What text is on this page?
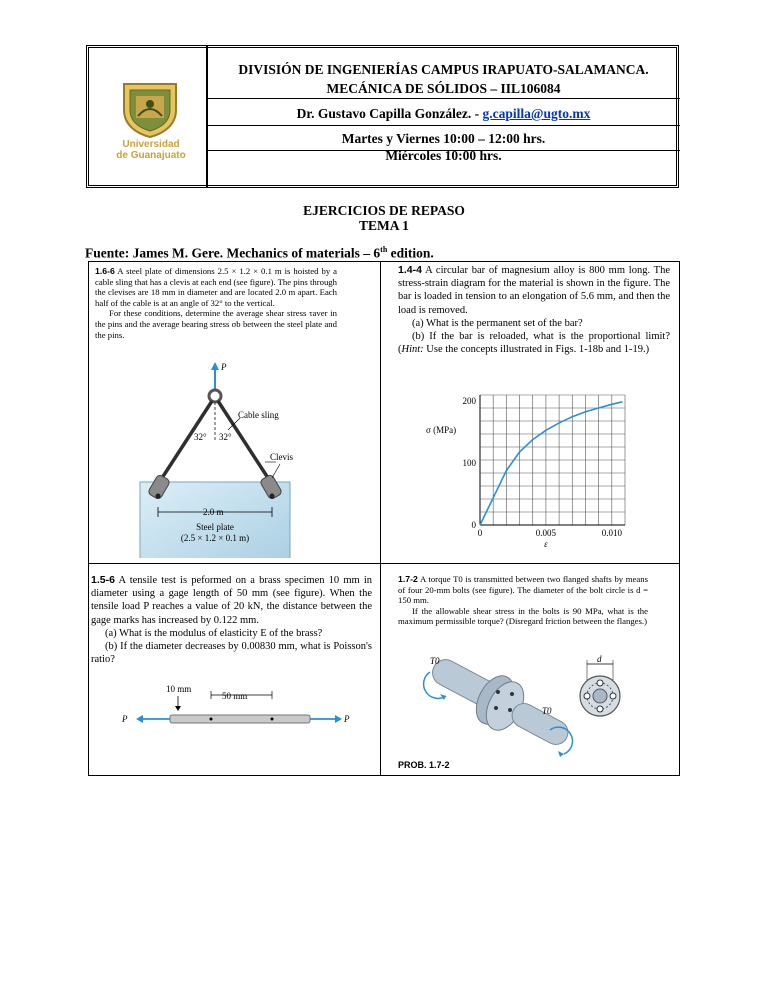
DIVISIÓN DE INGENIERÍAS CAMPUS IRAPUATO-SALAMANCA.
MECÁNICA DE SÓLIDOS – IIL106084
Dr. Gustavo Capilla González. - g.capilla@ugto.mx
Martes y Viernes 10:00 – 12:00 hrs.
Miércoles 10:00 hrs.
Universidad
de Guanajuato
EJERCICIOS DE REPASO
TEMA 1
Fuente: James M. Gere. Mechanics of materials – 6th edition.
1.6-6 A steel plate of dimensions 2.5 × 1.2 × 0.1 m is hoisted by a cable sling that has a clevis at each end (see figure). The pins through the clevises are 18 mm in diameter and are located 2.0 m apart. Each half of the cable is at an angle of 32° to the vertical.
For these conditions, determine the average shear stress τaver in the pins and the average bearing stress σb between the steel plate and the pins.
P
Cable sling
32° 32°
Clevis
2.0 m
Steel plate
(2.5 × 1.2 × 0.1 m)
1.4-4 A circular bar of magnesium alloy is 800 mm long. The stress-strain diagram for the material is shown in the figure. The bar is loaded in tension to an elongation of 5.6 mm, and then the load is removed.
(a) What is the permanent set of the bar?
(b) If the bar is reloaded, what is the proportional limit? (Hint: Use the concepts illustrated in Figs. 1-18b and 1-19.)
0	0.005	0.010
0
100
200
σ (MPa)
ε
1.5-6 A tensile test is peformed on a brass specimen 10 mm in diameter using a gage length of 50 mm (see figure). When the tensile load P reaches a value of 20 kN, the distance between the gage marks has increased by 0.122 mm.
(a) What is the modulus of elasticity E of the brass?
(b) If the diameter decreases by 0.00830 mm, what is Poisson's ratio?
10 mm
50 mm
P	P
1.7-2 A torque T0 is transmitted between two flanged shafts by means of four 20-mm bolts (see figure). The diameter of the bolt circle is d = 150 mm.
If the allowable shear stress in the bolts is 90 MPa, what is the maximum permissible torque? (Disregard friction between the flanges.)
T0
T0
d
PROB. 1.7-2
